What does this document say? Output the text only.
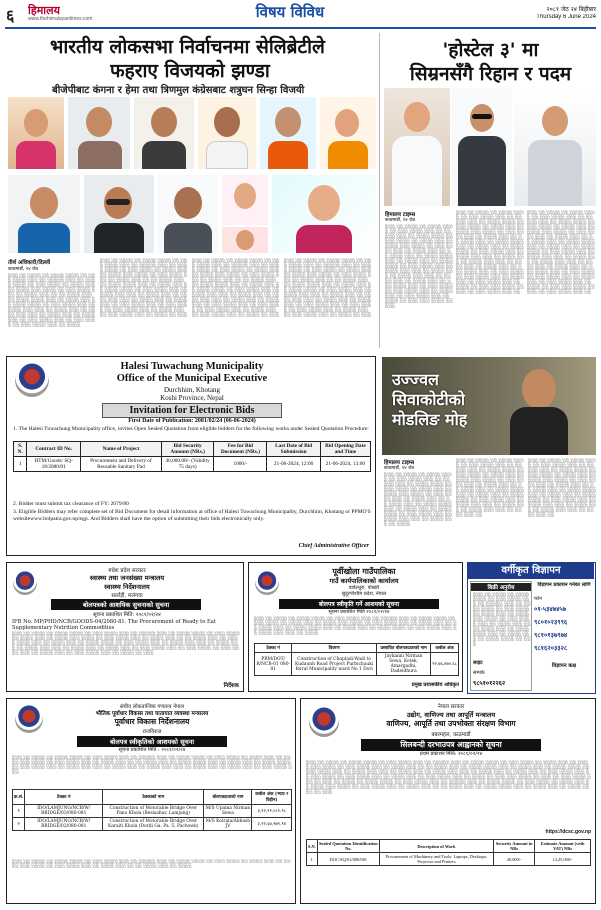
६ हिमालय
www.thehimalayantimes.com	विषय विविध	२०८१ जेठ २४ बिहीबार
Thursday 6 June 2024
भारतीय लोकसभा निर्वाचनमा सेलिब्रेटीले
फहराए विजयको झण्डा
बीजेपीबाट कंगना र हेमा तथा त्रिणमुल कंग्रेसबाट शत्रुघन सिन्हा विजयी
तीर्थ अधिकारी/दिल्ली
काठमाडौं, १४ जेठ
░░░ ░░ ░░░░ ░░ ░░░░ ░░░░ ░░ ░░░ ░░░░ ░░░ ░░ ░░░░░ ░░░ ░░ ░░░░ ░░░░ ░░ ░░░ ░░░░ ░░ ░░░░ ░░░ ░░ ░░░░ ░░░ ░░░░ ░░ ░░░ ░░░░ ░░░ ░░ ░░░░ ░░░ ░░ ░░ ░░░░ ░░░ ░░ ░░░░ ░░░░ ░░░ ░░ ░░░░ ░░░ ░░ ░░░░ ░░░░ ░░ ░░░ ░░░░ ░░░ ░░ ░░░░ ░░░ ░░░ ░░ ░░░░ ░░░ ░░ ░░░░ ░░░ ░░░ ░░ ░░░░ ░░░ ░░ ░░░░ ░░░ ░░ ░░░ ░░░░ ░░░ ░░ ░░░ ░░░░ ░░ ░░░ ░░░░ ░░░ ░░ ░░░░
░░░ ░░ ░░░░ ░░ ░░░░ ░░░░ ░░ ░░░ ░░░░ ░░░ ░░ ░░░░░ ░░░ ░░ ░░░░ ░░░░ ░░ ░░░ ░░░░ ░░ ░░░░ ░░░ ░░ ░░░░ ░░░ ░░░░ ░░ ░░░ ░░░░ ░░░ ░░ ░░░░ ░░░ ░░ ░░ ░░░░ ░░░ ░░ ░░░░ ░░░░ ░░░ ░░ ░░░░ ░░░ ░░ ░░░░ ░░░░ ░░ ░░░ ░░░░ ░░░ ░░ ░░░░ ░░░ ░░░ ░░ ░░░░ ░░░ ░░ ░░░░ ░░░ ░░░ ░░ ░░░░ ░░░ ░░ ░░░░ ░░░ ░░ ░░░ ░░░░ ░░░ ░░ ░░░ ░░░░ ░░ ░░░ ░░░░ ░░░ ░░ ░░░░ ░░░ ░░ ░░░ ░░░░ ░░░ ░░ ░░░░ ░░ ░░░
░░░ ░░ ░░░░ ░░ ░░░░ ░░░░ ░░ ░░░ ░░░░ ░░░ ░░ ░░░░░ ░░░ ░░ ░░░░ ░░░░ ░░ ░░░ ░░░░ ░░ ░░░░ ░░░ ░░ ░░░░ ░░░ ░░░░ ░░ ░░░ ░░░░ ░░░ ░░ ░░░░ ░░░ ░░ ░░ ░░░░ ░░░ ░░ ░░░░ ░░░░ ░░░ ░░ ░░░░ ░░░ ░░ ░░░░ ░░░░ ░░ ░░░ ░░░░ ░░░ ░░ ░░░░ ░░░ ░░░ ░░ ░░░░ ░░░ ░░ ░░░░ ░░░ ░░░ ░░ ░░░░ ░░░ ░░ ░░░░ ░░░ ░░ ░░░ ░░░░ ░░░ ░░ ░░░ ░░░░ ░░ ░░░ ░░░░ ░░░ ░░ ░░░░ ░░░ ░░ ░░░ ░░░░ ░░░ ░░ ░░░░ ░░ ░░░
░░░ ░░ ░░░░ ░░ ░░░░ ░░░░ ░░ ░░░ ░░░░ ░░░ ░░ ░░░░░ ░░░ ░░ ░░░░ ░░░░ ░░ ░░░ ░░░░ ░░ ░░░░ ░░░ ░░ ░░░░ ░░░ ░░░░ ░░ ░░░ ░░░░ ░░░ ░░ ░░░░ ░░░ ░░ ░░ ░░░░ ░░░ ░░ ░░░░ ░░░░ ░░░ ░░ ░░░░ ░░░ ░░ ░░░░ ░░░░ ░░ ░░░ ░░░░ ░░░ ░░ ░░░░ ░░░ ░░░ ░░ ░░░░ ░░░ ░░ ░░░░ ░░░ ░░░ ░░ ░░░░ ░░░ ░░ ░░░░ ░░░ ░░ ░░░ ░░░░ ░░░ ░░ ░░░ ░░░░ ░░ ░░░ ░░░░ ░░░ ░░ ░░░░ ░░░ ░░ ░░░ ░░░░ ░░░ ░░ ░░░░ ░░ ░░░
'होस्टेल ३' मा
सिम्रनसँगै रिहान र पदम
हिमालय टाइम्स
काठमाडौं, १४ जेठ
░░░ ░░ ░░░░ ░░ ░░░░ ░░░░ ░░ ░░░ ░░░░ ░░░ ░░ ░░░░░ ░░░ ░░ ░░░░ ░░░░ ░░ ░░░ ░░░░ ░░ ░░░░ ░░░ ░░ ░░░░ ░░░ ░░░░ ░░ ░░░ ░░░░ ░░░ ░░ ░░░░ ░░░ ░░ ░░ ░░░░ ░░░ ░░ ░░░░ ░░░░ ░░░ ░░ ░░░░ ░░░ ░░ ░░░░ ░░░░ ░░ ░░░ ░░░░ ░░░ ░░ ░░░░ ░░░ ░░░ ░░ ░░░░ ░░░ ░░ ░░░░ ░░░ ░░░ ░░ ░░░░ ░░░ ░░ ░░░░ ░░░ ░░ ░░░ ░░░░ ░░░ ░░ ░░░ ░░░░ ░░ ░░░ ░░░░ ░░░ ░░ ░░░░ ░░░ ░░ ░░░ ░░░░ ░░░ ░░ ░░░░ ░░ ░░░ ░░░ ░░░░ ░░ ░░░
░░░ ░░ ░░░░ ░░ ░░░░ ░░░░ ░░ ░░░ ░░░░ ░░░ ░░ ░░░░░ ░░░ ░░ ░░░░ ░░░░ ░░ ░░░ ░░░░ ░░ ░░░░ ░░░ ░░ ░░░░ ░░░ ░░░░ ░░ ░░░ ░░░░ ░░░ ░░ ░░░░ ░░░ ░░ ░░ ░░░░ ░░░ ░░ ░░░░ ░░░░ ░░░ ░░ ░░░░ ░░░ ░░ ░░░░ ░░░░ ░░ ░░░ ░░░░ ░░░ ░░ ░░░░ ░░░ ░░░ ░░ ░░░░ ░░░ ░░ ░░░░ ░░░ ░░░ ░░ ░░░░ ░░░ ░░ ░░░░ ░░░ ░░ ░░░ ░░░░ ░░░ ░░ ░░░ ░░░░ ░░ ░░░ ░░░░ ░░░ ░░ ░░░░ ░░░ ░░ ░░░ ░░░░ ░░░ ░░ ░░░░ ░░ ░░░ ░░░ ░░░░ ░░ ░░░ ░░ ░░░ ░░░░ ░░░ ░░
░░░ ░░ ░░░░ ░░ ░░░░ ░░░░ ░░ ░░░ ░░░░ ░░░ ░░ ░░░░░ ░░░ ░░ ░░░░ ░░░░ ░░ ░░░ ░░░░ ░░ ░░░░ ░░░ ░░ ░░░░ ░░░ ░░░░ ░░ ░░░ ░░░░ ░░░ ░░ ░░░░ ░░░ ░░ ░░ ░░░░ ░░░ ░░ ░░░░ ░░░░ ░░░ ░░ ░░░░ ░░░ ░░ ░░░░ ░░░░ ░░ ░░░ ░░░░ ░░░ ░░ ░░░░ ░░░ ░░░ ░░ ░░░░ ░░░ ░░ ░░░░ ░░░ ░░░ ░░ ░░░░ ░░░ ░░ ░░░░ ░░░ ░░ ░░░ ░░░░ ░░░ ░░ ░░░ ░░░░ ░░ ░░░ ░░░░ ░░░ ░░ ░░░░ ░░░ ░░ ░░░ ░░░░ ░░░ ░░ ░░░░ ░░ ░░░ ░░░ ░░░░ ░░ ░░░ ░░ ░░░ ░░░░ ░░░ ░░
Halesi Tuwachung Municipality
Office of the Municipal Executive
Durchhim, Khotang
Koshi Province, Nepal
Invitation for Electronic Bids
First Date of Publication: 2081/02/24 (06-06-2024)
1. The Halesi Tuwachung Municipality office, invites Open Sealed Quotation from eligible bidders for the following works under Sealed Quotation Procedure:
S. N.	Contract ID No.	Name of Project	Bid Security Amount (NRs.)	Fee for Bid Document (NRs.)	Last Date of Bid Submission	Bid Opening Date and Time
1	HTM/Goods/ SQ-18/2080/81	Procurement and Delivery of Reusable Sanitary Pad	40,000.00/- (Validity 75 days)	1000/-	21-06-2024, 12:00	21-06-2024, 13:00
2. Bidder must submit tax clearance of FY: 2079/80
3. Eligible Bidders may refer complete set of Bid Document for detail information at office of Halesi Tuwachung Municipality, Durchhim, Khotang or PPMO'S websitewww.bolpatra.gov.np/egp. And Bidders shall have the option of submitting their bids electronically only.
Chief Administrative Officer
उज्ज्वल
सिवाकोटीको
मोडलिङ मोह
हिमालय टाइम्स
काठमाडौं, १४ जेठ
░░░ ░░ ░░░░ ░░ ░░░░ ░░░░ ░░ ░░░ ░░░░ ░░░ ░░ ░░░░░ ░░░ ░░ ░░░░ ░░░░ ░░ ░░░ ░░░░ ░░ ░░░░ ░░░ ░░ ░░░░ ░░░ ░░░░ ░░ ░░░ ░░░░ ░░░ ░░ ░░░░ ░░░ ░░ ░░ ░░░░ ░░░ ░░ ░░░░ ░░░░ ░░░ ░░ ░░░░ ░░░ ░░ ░░░░ ░░░░ ░░ ░░░ ░░░░ ░░░ ░░ ░░░░ ░░░ ░░░ ░░ ░░░░ ░░░ ░░ ░░░░
░░░ ░░ ░░░░ ░░ ░░░░ ░░░░ ░░ ░░░ ░░░░ ░░░ ░░ ░░░░░ ░░░ ░░ ░░░░ ░░░░ ░░ ░░░ ░░░░ ░░ ░░░░ ░░░ ░░ ░░░░ ░░░ ░░░░ ░░ ░░░ ░░░░ ░░░ ░░ ░░░░ ░░░ ░░ ░░ ░░░░ ░░░ ░░ ░░░░ ░░░░ ░░░ ░░ ░░░░ ░░░ ░░ ░░░░ ░░░░ ░░ ░░░ ░░░░ ░░░ ░░ ░░░░ ░░░ ░░░ ░░ ░░░░ ░░░ ░░ ░░░░ ░░░ ░░░ ░░ ░░░░ ░░░ ░░
░░░ ░░ ░░░░ ░░ ░░░░ ░░░░ ░░ ░░░ ░░░░ ░░░ ░░ ░░░░░ ░░░ ░░ ░░░░ ░░░░ ░░ ░░░ ░░░░ ░░ ░░░░ ░░░ ░░ ░░░░ ░░░ ░░░░ ░░ ░░░ ░░░░ ░░░ ░░ ░░░░ ░░░ ░░ ░░ ░░░░ ░░░ ░░ ░░░░ ░░░░ ░░░ ░░ ░░░░ ░░░ ░░ ░░░░ ░░░░ ░░ ░░░ ░░░░ ░░░ ░░ ░░░░ ░░░ ░░░ ░░ ░░░░ ░░░ ░░ ░░░░ ░░░ ░░░ ░░ ░░░░ ░░░ ░░
मधेश प्रदेश सरकार
स्वास्थ्य तथा जनसंख्या मन्त्रालय
स्वास्थ्य निर्देशनालय
सर्लाही, मलंगवा
बोलपत्रको आशयिक सुचनाको सुचना
सूचना प्रकाशित मिति: २०८१/०२/२४
IFB No. MP/PHD/NCB/GOODS-04/2080-81. The Procurement of Ready to Eat Supplementary Nutrition Commodities
░░░ ░░ ░░░░ ░░ ░░░░ ░░░░ ░░ ░░░ ░░░░ ░░░ ░░ ░░░░░ ░░░ ░░ ░░░░ ░░░░ ░░ ░░░ ░░░░ ░░ ░░░░ ░░░ ░░ ░░░░ ░░░ ░░░░ ░░ ░░░ ░░░░ ░░░ ░░ ░░░░ ░░░ ░░ ░░ ░░░░ ░░░ ░░ ░░░░ ░░░░ ░░░ ░░ ░░░░ ░░░ ░░ ░░░░ ░░░░ ░░ ░░░ ░░░░ ░░░ ░░ ░░░░ ░░░ ░░░ ░░ ░░░░ ░░░ ░░ ░░░░ ░░░ ░░░ ░░ ░░░░ ░░░ ░░ ░░░░ ░░░ ░░ ░░░ ░░░░ ░░░ ░░ ░░░ ░░░░ ░░ ░░░ ░░░░ ░░░ ░░ ░░░░ ░░░ ░░ ░░░ ░░░░ ░░░ ░░ ░░░░ ░░ ░░░
निर्देशक
पूर्वीखोला गाउँपालिका
गाउँ कार्यपालिकाको कार्यालय
डाडेल्धुरा, पोखरी
सुदूरपश्चिम प्रदेश, नेपाल
बोलपत्र स्वीकृति गर्ने आशयको सूचना
सूचना प्रकाशित मिति २०८१/०२/२४
░░░ ░░ ░░░░ ░░ ░░░░ ░░░░ ░░ ░░░ ░░░░ ░░░ ░░ ░░░░░ ░░░ ░░ ░░░░ ░░░░ ░░ ░░░ ░░░░ ░░ ░░░░ ░░░ ░░ ░░░░ ░░░ ░░░░ ░░ ░░░ ░░░░ ░░░ ░░ ░░░░ ░░░ ░░ ░░ ░░░░ ░░░ ░░ ░░░░ ░░░░ ░░░ ░░ ░░░░ ░░░ ░░ ░░░░ ░░░░ ░░ ░░░ ░░░░ ░░░ ░░ ░░░░ ░░░ ░░░ ░░ ░░░░
ठेक्का नं	विवरण	प्रस्तावित बोलपत्रदाताको नाम	कबोल अंक
PRM/DOT/ R/NCB-01 080-81	Construction of Chapladi-Wadi to Kudaunh Road Project Purbichauki Rural Municipality ward No 1 Dori	Jaykanni Nirman Sewa, Kotek, Amargadhi, Dadeldhura	९२,७६,४७०.६८
प्रमुख प्रशासकीय अधिकृत
वर्गीकृत विज्ञापन
बिक्री अनुरोध
░░░ ░░ ░░░░ ░░ ░░░░ ░░░░ ░░ ░░░ ░░░░ ░░░ ░░ ░░░░░ ░░░ ░░ ░░░░ ░░░░ ░░ ░░░ ░░░░ ░░ ░░░░ ░░░ ░░ ░░░░ ░░░ ░░░░ ░░ ░░░ ░░░░ ░░░ ░░ ░░░░ ░░░ ░░ ░░ ░░░░ ░░░ ░░ ░░░░ ░░░░ ░░░ ░░ ░░░░ ░░░ ░░ ░░░░ ░░░░ ░░ ░░░
साइट
सम्पर्क
९८५१०१२२६२
विज्ञापन प्रकाशन गर्नका लागि
फोन
०१-५३४७४५७
९८०१०२३९९६
९८१०१३७९७४
९८१६२०३३२८
विज्ञापन कक्ष
संघीय लोकतान्त्रिक गणतन्त्र नेपाल
भौतिक पूर्वाधार विकास तथा यातायात व्यवस्था मन्त्रालय
पूर्वाधार विकास निर्देशनालय
राजविराज
बोलपत्र स्वीकृतिको आशयको सूचना
सूचना प्रकाशित मिति : २०८१/०२/२४
░░░ ░░ ░░░░ ░░ ░░░░ ░░░░ ░░ ░░░ ░░░░ ░░░ ░░ ░░░░░ ░░░ ░░ ░░░░ ░░░░ ░░ ░░░ ░░░░ ░░ ░░░░ ░░░ ░░ ░░░░ ░░░ ░░░░ ░░ ░░░ ░░░░ ░░░ ░░ ░░░░ ░░░ ░░ ░░ ░░░░ ░░░ ░░ ░░░░ ░░░░ ░░░ ░░ ░░░░ ░░░ ░░ ░░░░ ░░░░ ░░ ░░░ ░░░░ ░░░ ░░ ░░░░ ░░░ ░░░ ░░ ░░░░ ░░░ ░░ ░░░░ ░░░ ░░░ ░░ ░░░░ ░░░ ░░ ░░░░ ░░░ ░░ ░░░ ░░░░ ░░░
क्र.सं.	ठेक्का नं	ठेक्काको नाम	बोलपत्रदाताको नाम	कबोल अंक (भ्याट र विहीन)
१	IDO/LAMJUNG/NCB/W/ BRIDGE/03/080-081	Construction of Motorable Bridge Over Pano Khola (Besisahar, Lamjung)	M/S Upama Nirman Sewa	३,९२,२१,०८१.९८
२	IDO/LAMJUNG/NCB/W/ BRIDGE/02/080-081	Construction of Motorable Bridge Over Karaiti Khola (Dordi Ga. Pa. 5, Pachowk)	M/S Koirala/Abhash JV	३,१२,६७,२७९.९४
░░░ ░░ ░░░░ ░░ ░░░░ ░░░░ ░░ ░░░ ░░░░ ░░░ ░░ ░░░░░ ░░░ ░░ ░░░░ ░░░░ ░░ ░░░ ░░░░ ░░ ░░░░ ░░░ ░░ ░░░░ ░░░ ░░░░ ░░ ░░░ ░░░░ ░░░ ░░ ░░░░ ░░░ ░░ ░░ ░░░░ ░░░ ░░ ░░░░
नेपाल सरकार
उद्योग, वाणिज्य तथा आपूर्ति मन्त्रालय
वाणिज्य, आपूर्ति तथा उपभोक्ता संरक्षण विभाग
बबरमहल, काठमाडौं
सिलबन्दी दरभाउपत्र आह्वानको सूचना
प्रथम प्रकाशन मिति: २०८१/०२/२४
░░░ ░░ ░░░░ ░░ ░░░░ ░░░░ ░░ ░░░ ░░░░ ░░░ ░░ ░░░░░ ░░░ ░░ ░░░░ ░░░░ ░░ ░░░ ░░░░ ░░ ░░░░ ░░░ ░░ ░░░░ ░░░ ░░░░ ░░ ░░░ ░░░░ ░░░ ░░ ░░░░ ░░░ ░░ ░░ ░░░░ ░░░ ░░ ░░░░ ░░░░ ░░░ ░░ ░░░░ ░░░ ░░ ░░░░ ░░░░ ░░ ░░░ ░░░░ ░░░ ░░ ░░░░ ░░░ ░░░ ░░ ░░░░ ░░░ ░░ ░░░░ ░░░ ░░░ ░░ ░░░░ ░░░ ░░ ░░░░ ░░░ ░░ ░░░ ░░░░ ░░░ ░░ ░░░ ░░░░ ░░ ░░░ ░░░░ ░░░ ░░ ░░░░ ░░░ ░░ ░░░ ░░░░ ░░░ ░░ ░░░░ ░░ ░░░ ░░░ ░░░░ ░░ ░░░ ░░ ░░░ ░░░░ ░░░ ░░ ░░░ ░░ ░░░░ ░░ ░░░░ ░░░░ ░░ ░░░ ░░░░ ░░░ ░░ ░░░░░ ░░░ ░░ ░░░░ ░░░░ ░░ ░░░ ░░░░ ░░ ░░░░ ░░░ ░░ ░░░░ ░░░ ░░░░ ░░ ░░░ ░░░░ ░░░ ░░ ░░░░ ░░░ ░░ ░░ ░░░░ ░░░ ░░ ░░░░ ░░░░ ░░░ ░░ ░░░░ ░░░ ░░ ░░░░ ░░░░ ░░ ░░░
https://dcsc.gov.np
S.N.	Sealed Quotation Identification No.	Description of Work	Security Amount in NRs	Estimate Amount (with VAT) NRs
1.	DOC/SQ/01/080/081	Procurement of Machinery and Tools: Laptops, Desktops, Projector and Printers	40,000/-	14,25,000/-
